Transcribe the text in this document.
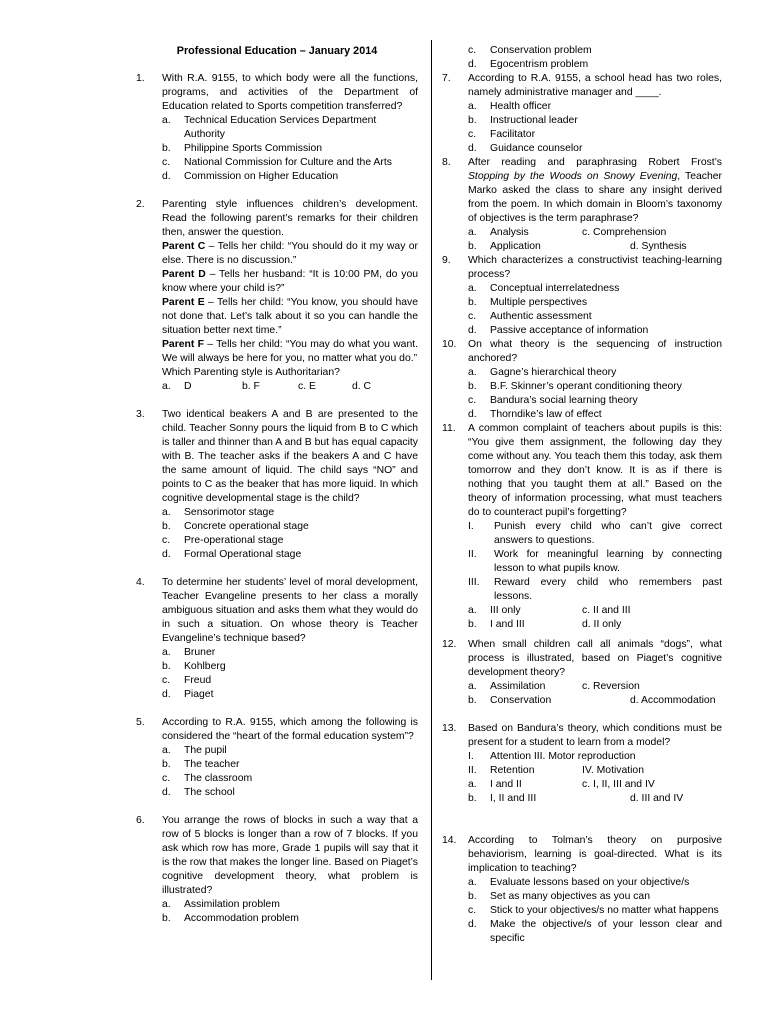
Professional Education – January 2014
1.	With R.A. 9155, to which body were all the functions, programs, and activities of the Department of Education related to Sports competition transferred?
a. Technical Education Services Department Authority
b. Philippine Sports Commission
c. National Commission for Culture and the Arts
d. Commission on Higher Education
2.	Parenting style influences children’s development. Read the following parent’s remarks for their children then, answer the question.
Parent C – Tells her child: “You should do it my way or else. There is no discussion.”
Parent D – Tells her husband: “It is 10:00 PM, do you know where your child is?”
Parent E – Tells her child: “You know, you should have not done that. Let’s talk about it so you can handle the situation better next time.”
Parent F – Tells her child: “You may do what you want. We will always be here for you, no matter what you do.”
Which Parenting style is Authoritarian?
a. D	b. F	c. E	d. C
3.	Two identical beakers A and B are presented to the child. Teacher Sonny pours the liquid from B to C which is taller and thinner than A and B but has equal capacity with B. The teacher asks if the beakers A and C have the same amount of liquid. The child says “NO” and points to C as the beaker that has more liquid. In which cognitive developmental stage is the child?
a. Sensorimotor stage
b. Concrete operational stage
c. Pre-operational stage
d. Formal Operational stage
4.	To determine her students’ level of moral development, Teacher Evangeline presents to her class a morally ambiguous situation and asks them what they would do in such a situation. On whose theory is Teacher Evangeline’s technique based?
a. Bruner
b. Kohlberg
c. Freud
d. Piaget
5.	According to R.A. 9155, which among the following is considered the “heart of the formal education system”?
a. The pupil
b. The teacher
c. The classroom
d. The school
6.	You arrange the rows of blocks in such a way that a row of 5 blocks is longer than a row of 7 blocks. If you ask which row has more, Grade 1 pupils will say that it is the row that makes the longer line. Based on Piaget’s cognitive development theory, what problem is illustrated?
a. Assimilation problem
b. Accommodation problem
c. Conservation problem
d. Egocentrism problem
7.	According to R.A. 9155, a school head has two roles, namely administrative manager and ____.
a. Health officer
b. Instructional leader
c. Facilitator
d. Guidance counselor
8.	After reading and paraphrasing Robert Frost’s Stopping by the Woods on Snowy Evening, Teacher Marko asked the class to share any insight derived from the poem. In which domain in Bloom’s taxonomy of objectives is the term paraphrase?
a. Analysis	c. Comprehension
b. Application	d. Synthesis
9.	Which characterizes a constructivist teaching-learning process?
a. Conceptual interrelatedness
b. Multiple perspectives
c. Authentic assessment
d. Passive acceptance of information
10.	On what theory is the sequencing of instruction anchored?
a. Gagne’s hierarchical theory
b. B.F. Skinner’s operant conditioning theory
c. Bandura’s social learning theory
d. Thorndike’s law of effect
11.	A common complaint of teachers about pupils is this: “You give them assignment, the following day they come without any. You teach them this today, ask them tomorrow and they don’t know. It is as if there is nothing that you taught them at all.” Based on the theory of information processing, what must teachers do to counteract pupil’s forgetting?
I. Punish every child who can’t give correct answers to questions.
II. Work for meaningful learning by connecting lesson to what pupils know.
III. Reward every child who remembers past lessons.
a. III only	c. II and III
b. I and III	d. II only
12.	When small children call all animals “dogs”, what process is illustrated, based on Piaget’s cognitive development theory?
a. Assimilation	c. Reversion
b. Conservation	d. Accommodation
13.	Based on Bandura’s theory, which conditions must be present for a student to learn from a model?
I. Attention III. Motor reproduction
II. Retention	IV. Motivation
a. I and II	c. I, II, III and IV
b. I, II and III	d. III and IV
14.	According to Tolman’s theory on purposive behaviorism, learning is goal-directed. What is its implication to teaching?
a. Evaluate lessons based on your objective/s
b. Set as many objectives as you can
c. Stick to your objectives/s no matter what happens
d. Make the objective/s of your lesson clear and specific
